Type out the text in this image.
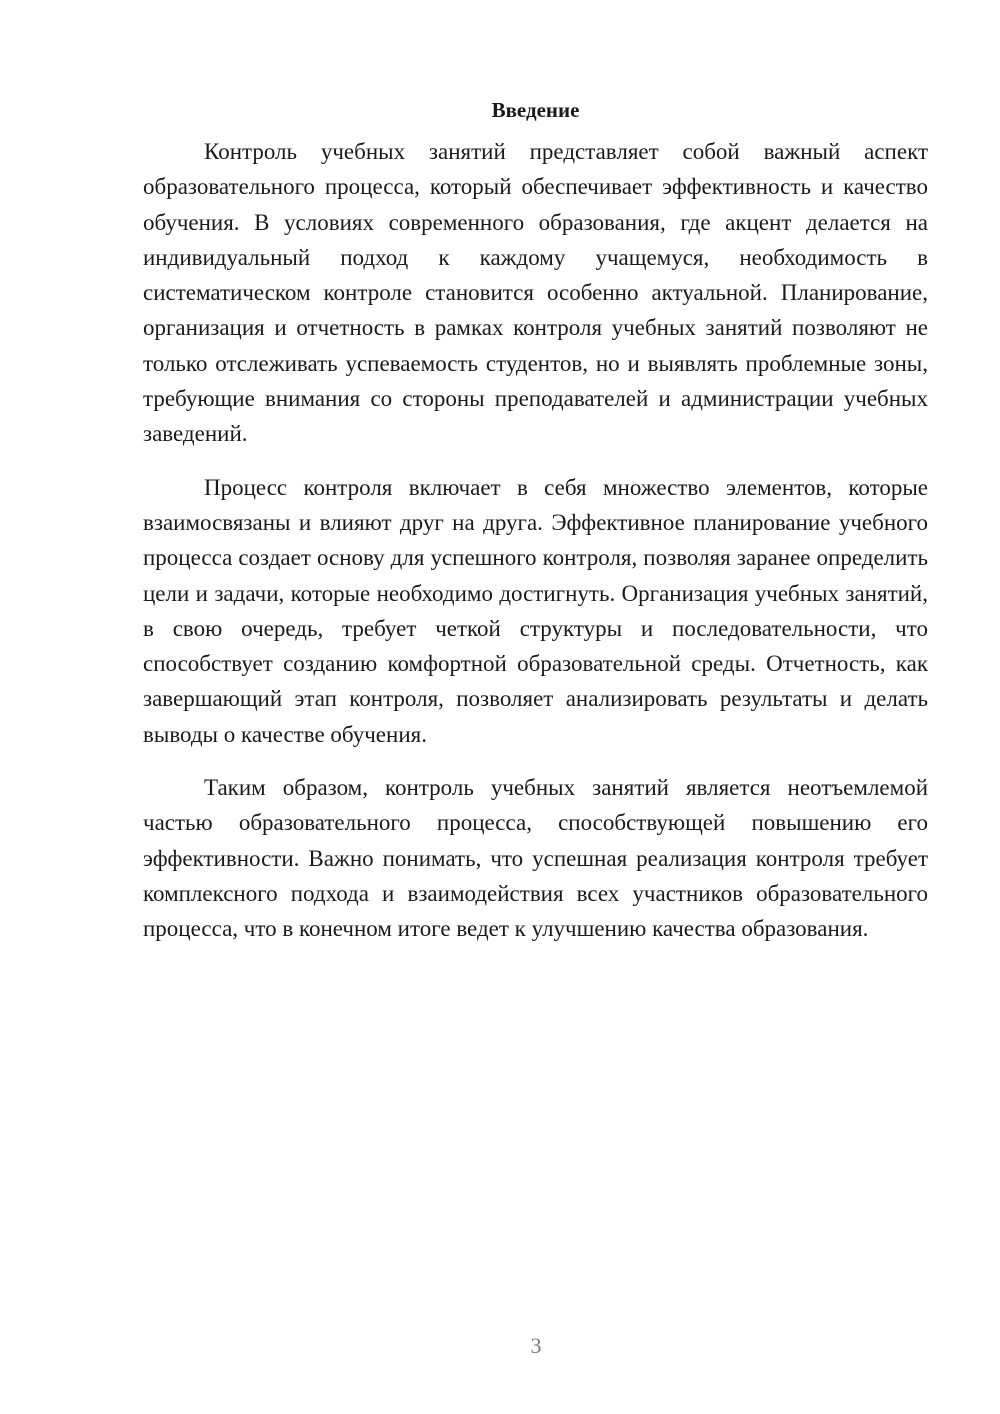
Введение

Контроль учебных занятий представляет собой важный аспект образовательного процесса, который обеспечивает эффективность и качество обучения. В условиях современного образования, где акцент делается на индивидуальный подход к каждому учащемуся, необходимость в систематическом контроле становится особенно актуальной. Планирование, организация и отчетность в рамках контроля учебных занятий позволяют не только отслеживать успеваемость студентов, но и выявлять проблемные зоны, требующие внимания со стороны преподавателей и администрации учебных заведений.

Процесс контроля включает в себя множество элементов, которые взаимосвязаны и влияют друг на друга. Эффективное планирование учебного процесса создает основу для успешного контроля, позволяя заранее определить цели и задачи, которые необходимо достигнуть. Организация учебных занятий, в свою очередь, требует четкой структуры и последовательности, что способствует созданию комфортной образовательной среды. Отчетность, как завершающий этап контроля, позволяет анализировать результаты и делать выводы о качестве обучения.

Таким образом, контроль учебных занятий является неотъемлемой частью образовательного процесса, способствующей повышению его эффективности. Важно понимать, что успешная реализация контроля требует комплексного подхода и взаимодействия всех участников образовательного процесса, что в конечном итоге ведет к улучшению качества образования.

3
